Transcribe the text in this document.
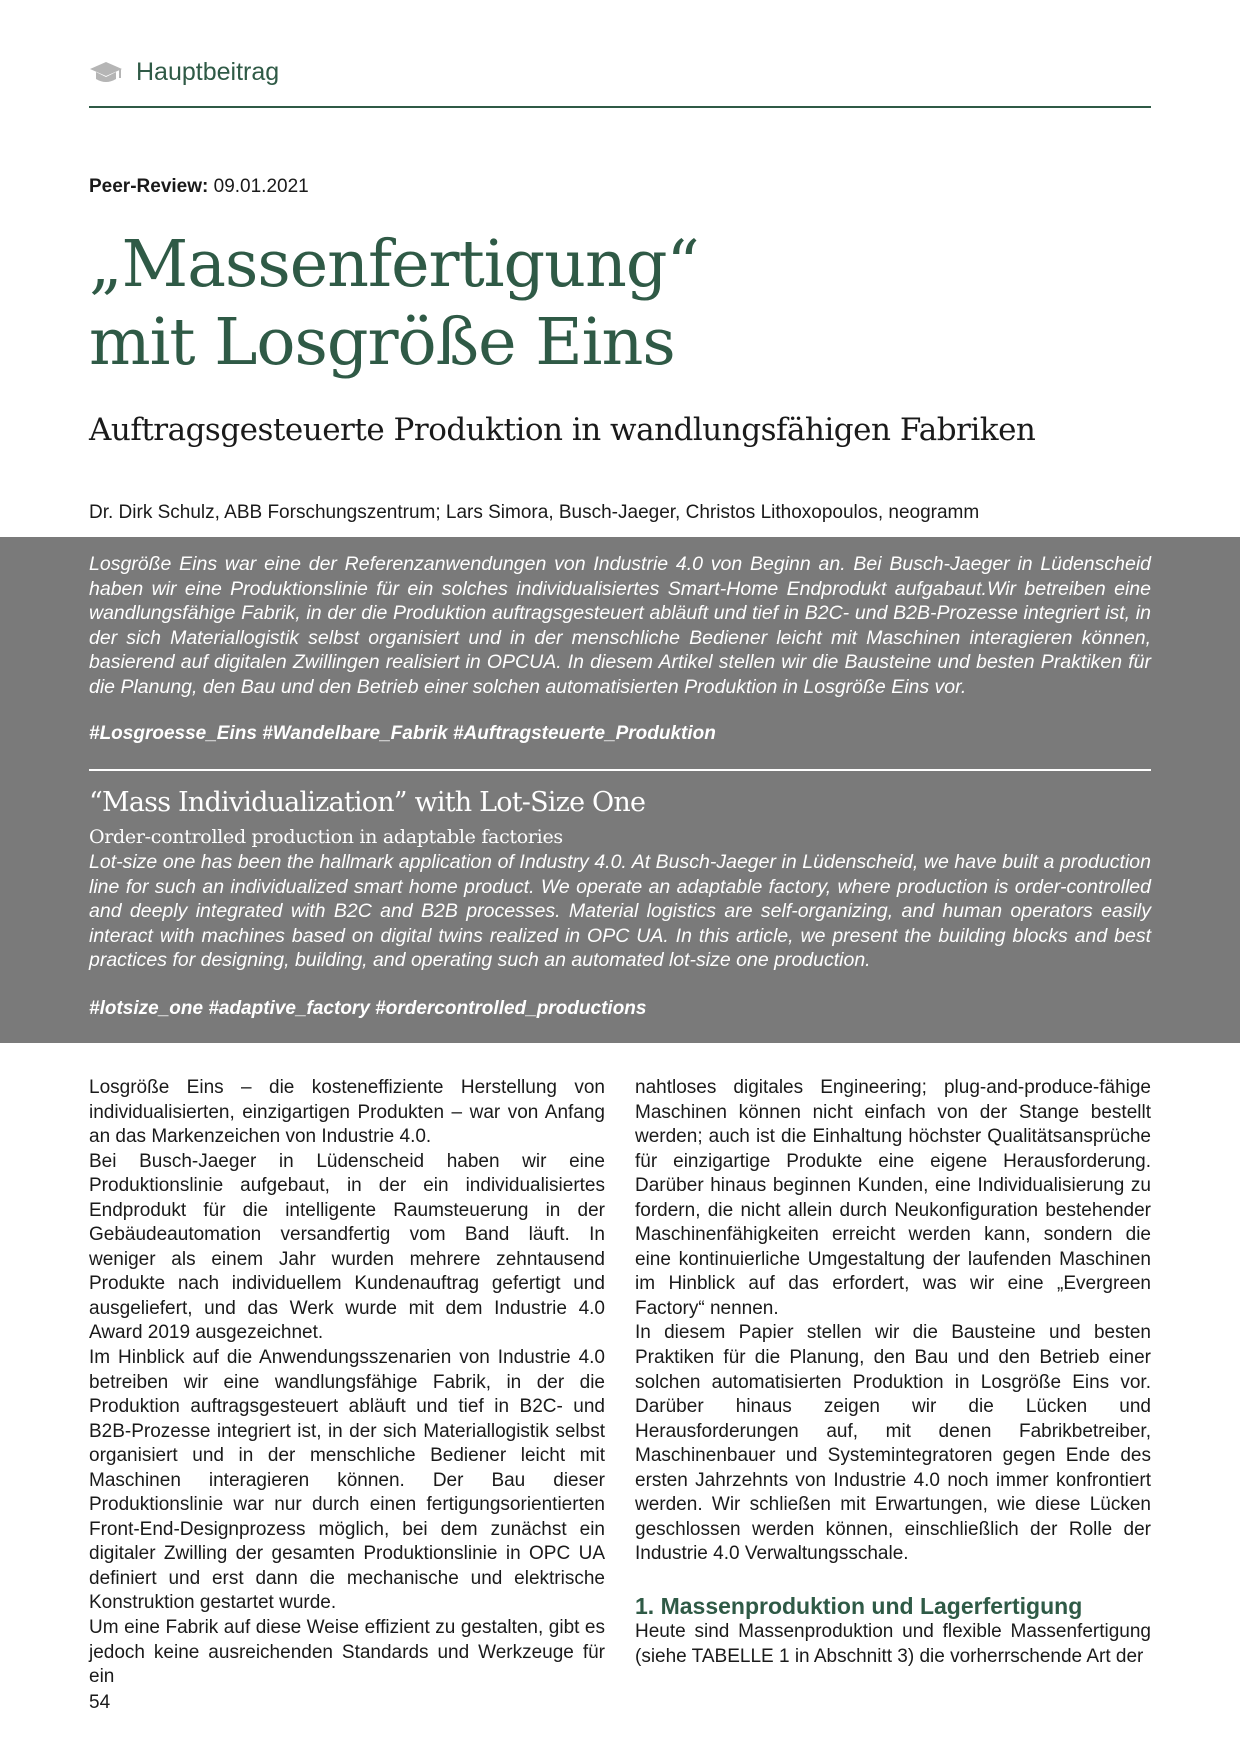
Hauptbeitrag
Peer-Review: 09.01.2021
„Massenfertigung“
mit Losgröße Eins
Auftragsgesteuerte Produktion in wandlungsfähigen Fabriken
Dr. Dirk Schulz, ABB Forschungszentrum; Lars Simora, Busch-Jaeger, Christos Lithoxopoulos, neogramm
Losgröße Eins war eine der Referenzanwendungen von Industrie 4.0 von Beginn an. Bei Busch-Jaeger in Lüdenscheid haben wir eine Produktionslinie für ein solches individualisiertes Smart-Home Endprodukt aufgabaut.Wir betreiben eine wandlungsfähige Fabrik, in der die Produktion auftragsgesteuert abläuft und tief in B2C- und B2B-Prozesse integriert ist, in der sich Materiallogistik selbst organisiert und in der menschliche Bediener leicht mit Maschinen interagieren können, basierend auf digitalen Zwillingen realisiert in OPCUA. In diesem Artikel stellen wir die Bausteine und besten Praktiken für die Planung, den Bau und den Betrieb einer solchen automatisierten Produktion in Losgröße Eins vor.
#Losgroesse_Eins #Wandelbare_Fabrik #Auftragsteuerte_Produktion
“Mass Individualization” with Lot-Size One
Order-controlled production in adaptable factories
Lot-size one has been the hallmark application of Industry 4.0. At Busch-Jaeger in Lüdenscheid, we have built a production line for such an individualized smart home product. We operate an adaptable factory, where production is order-controlled and deeply integrated with B2C and B2B processes. Material logistics are self-organizing, and human operators easily interact with machines based on digital twins realized in OPC UA. In this article, we present the building blocks and best practices for designing, building, and operating such an automated lot-size one production.
#lotsize_one #adaptive_factory #ordercontrolled_productions

Losgröße Eins – die kosteneffiziente Herstellung von individualisierten, einzigartigen Produkten – war von Anfang an das Markenzeichen von Industrie 4.0.

Bei Busch-Jaeger in Lüdenscheid haben wir eine Produktionslinie aufgebaut, in der ein individualisiertes Endprodukt für die intelligente Raumsteuerung in der Gebäudeautomation versandfertig vom Band läuft. In weniger als einem Jahr wurden mehrere zehntausend Produkte nach individuellem Kundenauftrag gefertigt und ausgeliefert, und das Werk wurde mit dem Industrie 4.0 Award 2019 ausgezeichnet.

Im Hinblick auf die Anwendungsszenarien von Industrie 4.0 betreiben wir eine wandlungsfähige Fabrik, in der die Produktion auftragsgesteuert abläuft und tief in B2C- und B2B-Prozesse integriert ist, in der sich Materiallogistik selbst organisiert und in der menschliche Bediener leicht mit Maschinen interagieren können. Der Bau dieser Produktionslinie war nur durch einen fertigungsorientierten Front-End-Designprozess möglich, bei dem zunächst ein digitaler Zwilling der gesamten Produktionslinie in OPC UA definiert und erst dann die mechanische und elektrische Konstruktion gestartet wurde.

Um eine Fabrik auf diese Weise effizient zu gestalten, gibt es jedoch keine ausreichenden Standards und Werkzeuge für ein

nahtloses digitales Engineering; plug-and-produce-fähige Maschinen können nicht einfach von der Stange bestellt werden; auch ist die Einhaltung höchster Qualitätsansprüche für einzigartige Produkte eine eigene Herausforderung. Darüber hinaus beginnen Kunden, eine Individualisierung zu fordern, die nicht allein durch Neukonfiguration bestehender Maschinenfähigkeiten erreicht werden kann, sondern die eine kontinuierliche Umgestaltung der laufenden Maschinen im Hinblick auf das erfordert, was wir eine „Evergreen Factory“ nennen.

In diesem Papier stellen wir die Bausteine und besten Praktiken für die Planung, den Bau und den Betrieb einer solchen automatisierten Produktion in Losgröße Eins vor. Darüber hinaus zeigen wir die Lücken und Herausforderungen auf, mit denen Fabrikbetreiber, Maschinenbauer und Systemintegratoren gegen Ende des ersten Jahrzehnts von Industrie 4.0 noch immer konfrontiert werden. Wir schließen mit Erwartungen, wie diese Lücken geschlossen werden können, einschließlich der Rolle der Industrie 4.0 Verwaltungsschale.

1. Massenproduktion und Lagerfertigung

Heute sind Massenproduktion und flexible Massenfertigung (siehe TABELLE 1 in Abschnitt 3) die vorherrschende Art der

54
